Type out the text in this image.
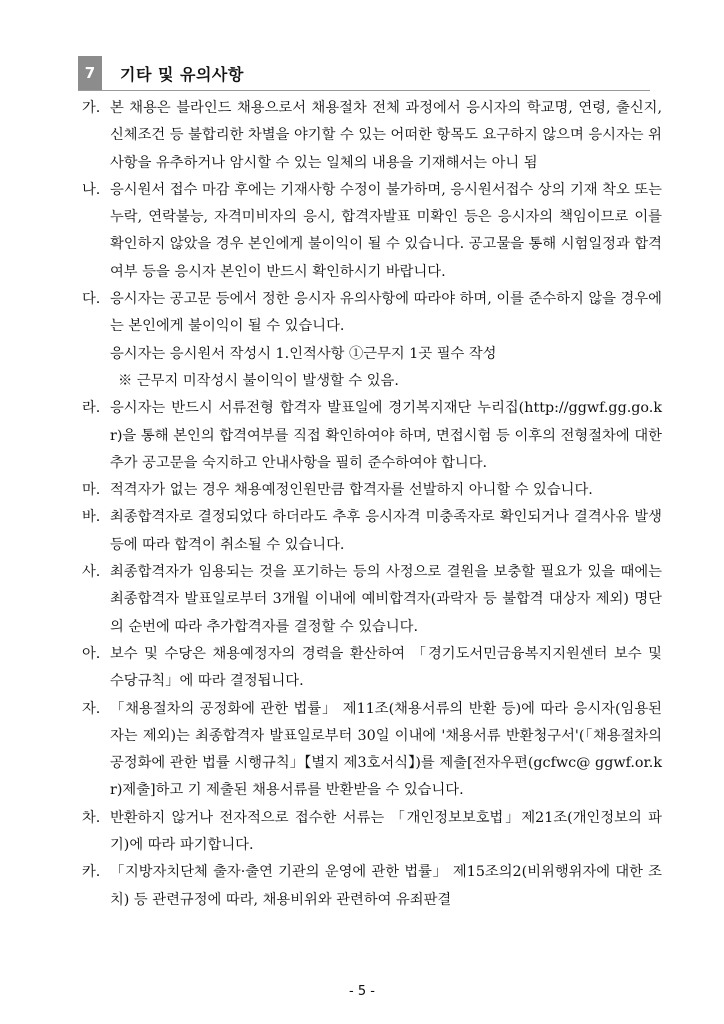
7	기타 및 유의사항
가. 본 채용은 블라인드 채용으로서 채용절차 전체 과정에서 응시자의 학교명, 연령, 출신지, 신체조건 등 불합리한 차별을 야기할 수 있는 어떠한 항목도 요구하지 않으며 응시자는 위 사항을 유추하거나 암시할 수 있는 일체의 내용을 기재해서는 아니 됨

나. 응시원서 접수 마감 후에는 기재사항 수정이 불가하며, 응시원서접수 상의 기재 착오 또는 누락, 연락불능, 자격미비자의 응시, 합격자발표 미확인 등은 응시자의 책임이므로 이를 확인하지 않았을 경우 본인에게 불이익이 될 수 있습니다. 공고물을 통해 시험일정과 합격여부 등을 응시자 본인이 반드시 확인하시기 바랍니다.

다. 응시자는 공고문 등에서 정한 응시자 유의사항에 따라야 하며, 이를 준수하지 않을 경우에는 본인에게 불이익이 될 수 있습니다.

응시자는 응시원서 작성시 1.인적사항 ①근무지 1곳 필수 작성

※ 근무지 미작성시 불이익이 발생할 수 있음.

라. 응시자는 반드시 서류전형 합격자 발표일에 경기복지재단 누리집(http://ggwf.gg.go.kr)을 통해 본인의 합격여부를 직접 확인하여야 하며, 면접시험 등 이후의 전형절차에 대한 추가 공고문을 숙지하고 안내사항을 필히 준수하여야 합니다.

마. 적격자가 없는 경우 채용예정인원만큼 합격자를 선발하지 아니할 수 있습니다.

바. 최종합격자로 결정되었다 하더라도 추후 응시자격 미충족자로 확인되거나 결격사유 발생등에 따라 합격이 취소될 수 있습니다.

사. 최종합격자가 임용되는 것을 포기하는 등의 사정으로 결원을 보충할 필요가 있을 때에는 최종합격자 발표일로부터 3개월 이내에 예비합격자(과락자 등 불합격 대상자 제외) 명단의 순번에 따라 추가합격자를 결정할 수 있습니다.

아. 보수 및 수당은 채용예정자의 경력을 환산하여 「경기도서민금융복지지원센터 보수 및 수당규칙」에 따라 결정됩니다.

자. 「채용절차의 공정화에 관한 법률」 제11조(채용서류의 반환 등)에 따라 응시자(임용된 자는 제외)는 최종합격자 발표일로부터 30일 이내에 '채용서류 반환청구서'(「채용절차의 공정화에 관한 법률 시행규칙」【별지 제3호서식】)를 제출[전자우편(gcfwc@ ggwf.or.kr)제출]하고 기 제출된 채용서류를 반환받을 수 있습니다.

차. 반환하지 않거나 전자적으로 접수한 서류는 「개인정보보호법」제21조(개인정보의 파기)에 따라 파기합니다.

카. 「지방자치단체 출자·출연 기관의 운영에 관한 법률」 제15조의2(비위행위자에 대한 조치) 등 관련규정에 따라, 채용비위와 관련하여 유죄판결

- 5 -
